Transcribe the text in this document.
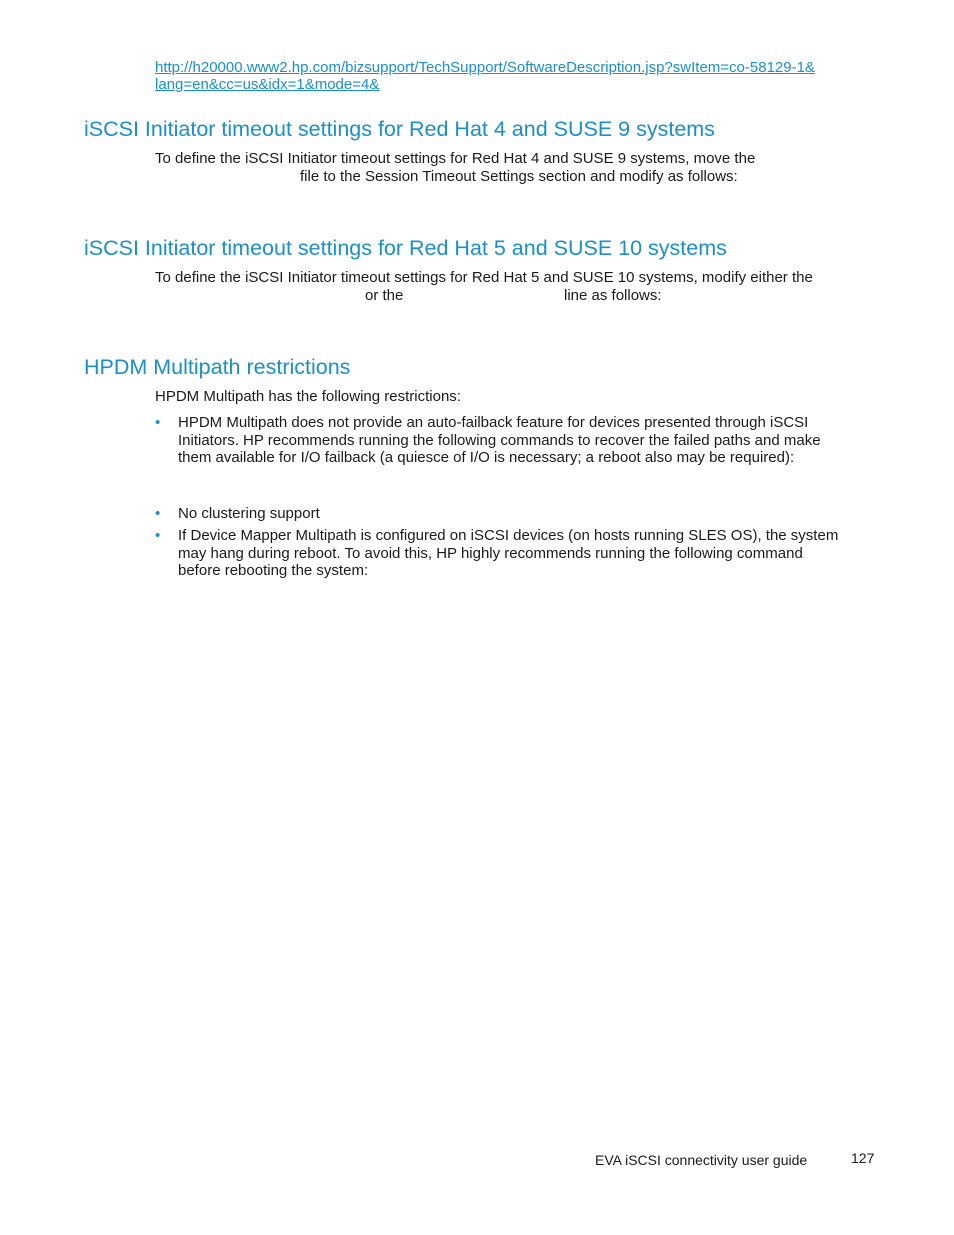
http://h20000.www2.hp.com/bizsupport/TechSupport/SoftwareDescription.jsp?swItem=co-58129-1&
lang=en&cc=us&idx=1&mode=4&
iSCSI Initiator timeout settings for Red Hat 4 and SUSE 9 systems

To define the iSCSI Initiator timeout settings for Red Hat 4 and SUSE 9 systems, move the

file to the Session Timeout Settings section and modify as follows:

iSCSI Initiator timeout settings for Red Hat 5 and SUSE 10 systems

To define the iSCSI Initiator timeout settings for Red Hat 5 and SUSE 10 systems, modify either the

or the	line as follows:

HPDM Multipath restrictions

HPDM Multipath has the following restrictions:

• HPDM Multipath does not provide an auto-failback feature for devices presented through iSCSI
Initiators. HP recommends running the following commands to recover the failed paths and make
them available for I/O failback (a quiesce of I/O is necessary; a reboot also may be required):
• No clustering support
• If Device Mapper Multipath is configured on iSCSI devices (on hosts running SLES OS), the system
may hang during reboot. To avoid this, HP highly recommends running the following command
before rebooting the system:
EVA iSCSI connectivity user guide	127
